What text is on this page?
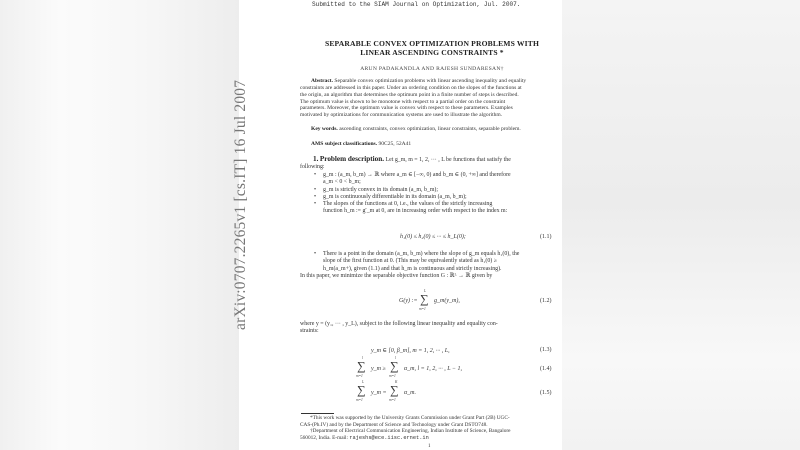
arXiv:0707.2265v1 [cs.IT] 16 Jul 2007
Submitted to the SIAM Journal on Optimization, Jul. 2007.
SEPARABLE CONVEX OPTIMIZATION PROBLEMS WITH
LINEAR ASCENDING CONSTRAINTS *
ARUN PADAKANDLA AND RAJESH SUNDARESAN†
Abstract. Separable convex optimization problems with linear ascending inequality and equality
constraints are addressed in this paper. Under an ordering condition on the slopes of the functions at
the origin, an algorithm that determines the optimum point in a finite number of steps is described.
The optimum value is shown to be monotone with respect to a partial order on the constraint
parameters. Moreover, the optimum value is convex with respect to these parameters. Examples
motivated by optimizations for communication systems are used to illustrate the algorithm.
Key words. ascending constraints, convex optimization, linear constraints, separable problem.
AMS subject classifications. 90C25, 52A41
1. Problem description. Let g_m, m = 1, 2, ··· , L be functions that satisfy the
following:
• g_m : (a_m, b_m) → ℝ where a_m ∈ [−∞, 0) and b_m ∈ (0, +∞] and therefore
a_m < 0 < b_m;
• g_m is strictly convex in its domain (a_m, b_m);
• g_m is continuously differentiable in its domain (a_m, b_m);
• The slopes of the functions at 0, i.e., the values of the strictly increasing
function h_m := g′_m at 0, are in increasing order with respect to the index m:
h₁(0) ≤ h₂(0) ≤ ··· ≤ h_L(0);	(1.1)
• There is a point in the domain (a_m, b_m) where the slope of g_m equals h₁(0), the
slope of the first function at 0. (This may be equivalently stated as h₁(0) ≥
h_m(a_m+), given (1.1) and that h_m is continuous and strictly increasing).
In this paper, we minimize the separable objective function G : ℝᴸ → ℝ given by
G(y) :=
L
∑
m=1
g_m(y_m),	(1.2)
where y = (y₁, ··· , y_L), subject to the following linear inequality and equality con-
straints:
y_m ∈ [0, β_m], m = 1, 2, ··· , L,	(1.3)
l
∑
m=1
y_m ≥
l
∑
m=1
α_m, l = 1, 2, ··· , L − 1,	(1.4)
L
∑
m=1
y_m =
K
∑
m=1
α_m.	(1.5)
*This work was supported by the University Grants Commission under Grant Part (2B) UGC-
CAS-(Ph.IV) and by the Department of Science and Technology under Grant DSTO748.
†Department of Electrical Communication Engineering, Indian Institute of Science, Bangalore
560012, India. E-mail: rajeshs@ece.iisc.ernet.in
1
